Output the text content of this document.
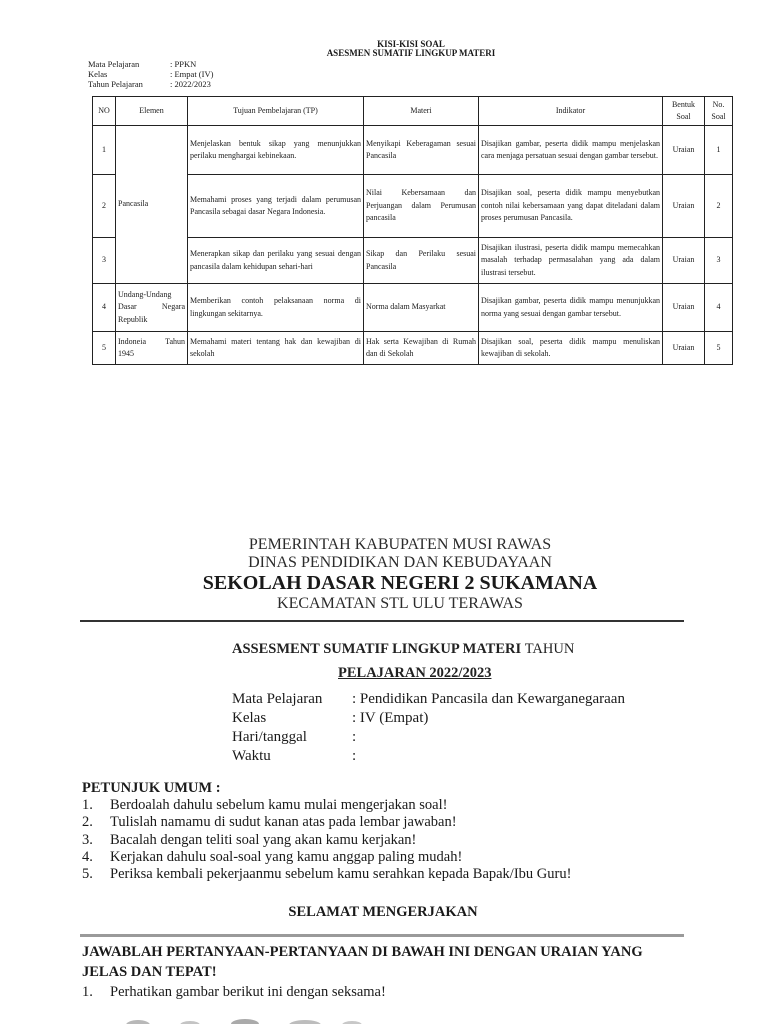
KISI-KISI SOAL
ASESMEN SUMATIF LINGKUP MATERI
Mata Pelajaran	: PPKN
Kelas	: Empat (IV)
Tahun Pelajaran	: 2022/2023
NO	Elemen	Tujuan Pembelajaran (TP)	Materi	Indikator	Bentuk Soal	No. Soal
1	Pancasila	Menjelaskan bentuk sikap yang menunjukkan perilaku menghargai kebinekaan.	Menyikapi Keberagaman sesuai Pancasila	Disajikan gambar, peserta didik mampu menjelaskan cara menjaga persatuan sesuai dengan gambar tersebut.	Uraian	1
2		Memahami proses yang terjadi dalam perumusan Pancasila sebagai dasar Negara Indonesia.	Nilai Kebersamaan dan Perjuangan dalam Perumusan pancasila	Disajikan soal, peserta didik mampu menyebutkan contoh nilai kebersamaan yang dapat diteladani dalam proses perumusan Pancasila.	Uraian	2
3		Menerapkan sikap dan perilaku yang sesuai dengan pancasila dalam kehidupan sehari-hari	Sikap dan Perilaku sesuai Pancasila	Disajikan ilustrasi, peserta didik mampu memecahkan masalah terhadap permasalahan yang ada dalam ilustrasi tersebut.	Uraian	3
4	Undang-Undang Dasar Negara Republik	Memberikan contoh pelaksanaan norma di lingkungan sekitarnya.	Norma dalam Masyarkat	Disajikan gambar, peserta didik mampu menunjukkan norma yang sesuai dengan gambar tersebut.	Uraian	4
5	Indoneia Tahun 1945	Memahami materi tentang hak dan kewajiban di sekolah	Hak serta Kewajiban di Rumah dan di Sekolah	Disajikan soal, peserta didik mampu menuliskan kewajiban di sekolah.	Uraian	5
PEMERINTAH KABUPATEN MUSI RAWAS
DINAS PENDIDIKAN DAN KEBUDAYAAN
SEKOLAH DASAR NEGERI 2 SUKAMANA
KECAMATAN STL ULU TERAWAS
ASSESMENT SUMATIF LINGKUP MATERI TAHUN
PELAJARAN 2022/2023
Mata Pelajaran : Pendidikan Pancasila dan Kewarganegaraan
Kelas	: IV (Empat)
Hari/tanggal	:
Waktu	:
PETUNJUK UMUM :
1. Berdoalah dahulu sebelum kamu mulai mengerjakan soal!
2. Tulislah namamu di sudut kanan atas pada lembar jawaban!
3. Bacalah dengan teliti soal yang akan kamu kerjakan!
4. Kerjakan dahulu soal-soal yang kamu anggap paling mudah!
5. Periksa kembali pekerjaanmu sebelum kamu serahkan kepada Bapak/Ibu Guru!
SELAMAT MENGERJAKAN
JAWABLAH PERTANYAAN-PERTANYAAN DI BAWAH INI DENGAN URAIAN YANG JELAS DAN TEPAT!
1. Perhatikan gambar berikut ini dengan seksama!
